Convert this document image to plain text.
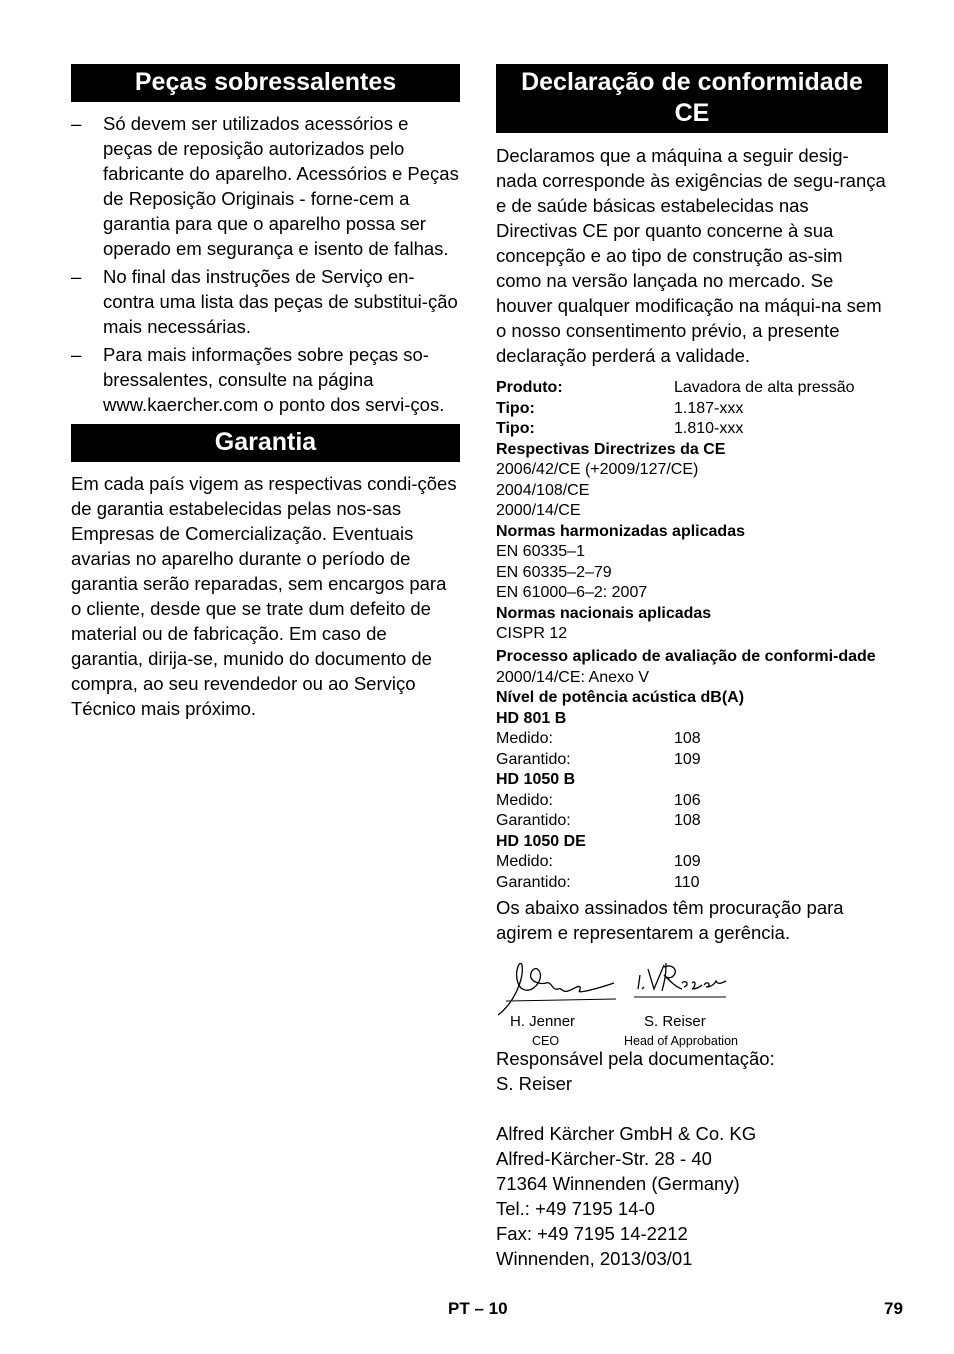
Peças sobressalentes
– Só devem ser utilizados acessórios e peças de reposição autorizados pelo fabricante do aparelho. Acessórios e Peças de Reposição Originais - forne-cem a garantia para que o aparelho possa ser operado em segurança e isento de falhas.
– No final das instruções de Serviço en-contra uma lista das peças de substitui-ção mais necessárias.
– Para mais informações sobre peças so-bressalentes, consulte na página www.kaercher.com o ponto dos servi-ços.
Garantia

Em cada país vigem as respectivas condi-ções de garantia estabelecidas pelas nos-sas Empresas de Comercialização. Eventuais avarias no aparelho durante o período de garantia serão reparadas, sem encargos para o cliente, desde que se trate dum defeito de material ou de fabricação. Em caso de garantia, dirija-se, munido do documento de compra, ao seu revendedor ou ao Serviço Técnico mais próximo.

Declaração de conformidade CE

Declaramos que a máquina a seguir desig-nada corresponde às exigências de segu-rança e de saúde básicas estabelecidas nas Directivas CE por quanto concerne à sua concepção e ao tipo de construção as-sim como na versão lançada no mercado. Se houver qualquer modificação na máqui-na sem o nosso consentimento prévio, a presente declaração perderá a validade.

Produto:	Lavadora de alta pressão
Tipo:	1.187-xxx
Tipo:	1.810-xxx
Respectivas Directrizes da CE
2006/42/CE (+2009/127/CE)
2004/108/CE
2000/14/CE
Normas harmonizadas aplicadas
EN 60335–1
EN 60335–2–79
EN 61000–6–2: 2007
Normas nacionais aplicadas
CISPR 12
Processo aplicado de avaliação de conformi-dade
2000/14/CE: Anexo V
Nível de potência acústica dB(A)
HD 801 B
Medido:	108
Garantido:	109
HD 1050 B
Medido:	106
Garantido:	108
HD 1050 DE
Medido:	109
Garantido:	110

Os abaixo assinados têm procuração para agirem e representarem a gerência.

H. Jenner
CEO
S. Reiser
Head of Approbation

Responsável pela documentação:

S. Reiser

Alfred Kärcher GmbH & Co. KG

Alfred-Kärcher-Str. 28 - 40

71364 Winnenden (Germany)

Tel.: +49 7195 14-0

Fax: +49 7195 14-2212

Winnenden, 2013/03/01

PT – 10	79
